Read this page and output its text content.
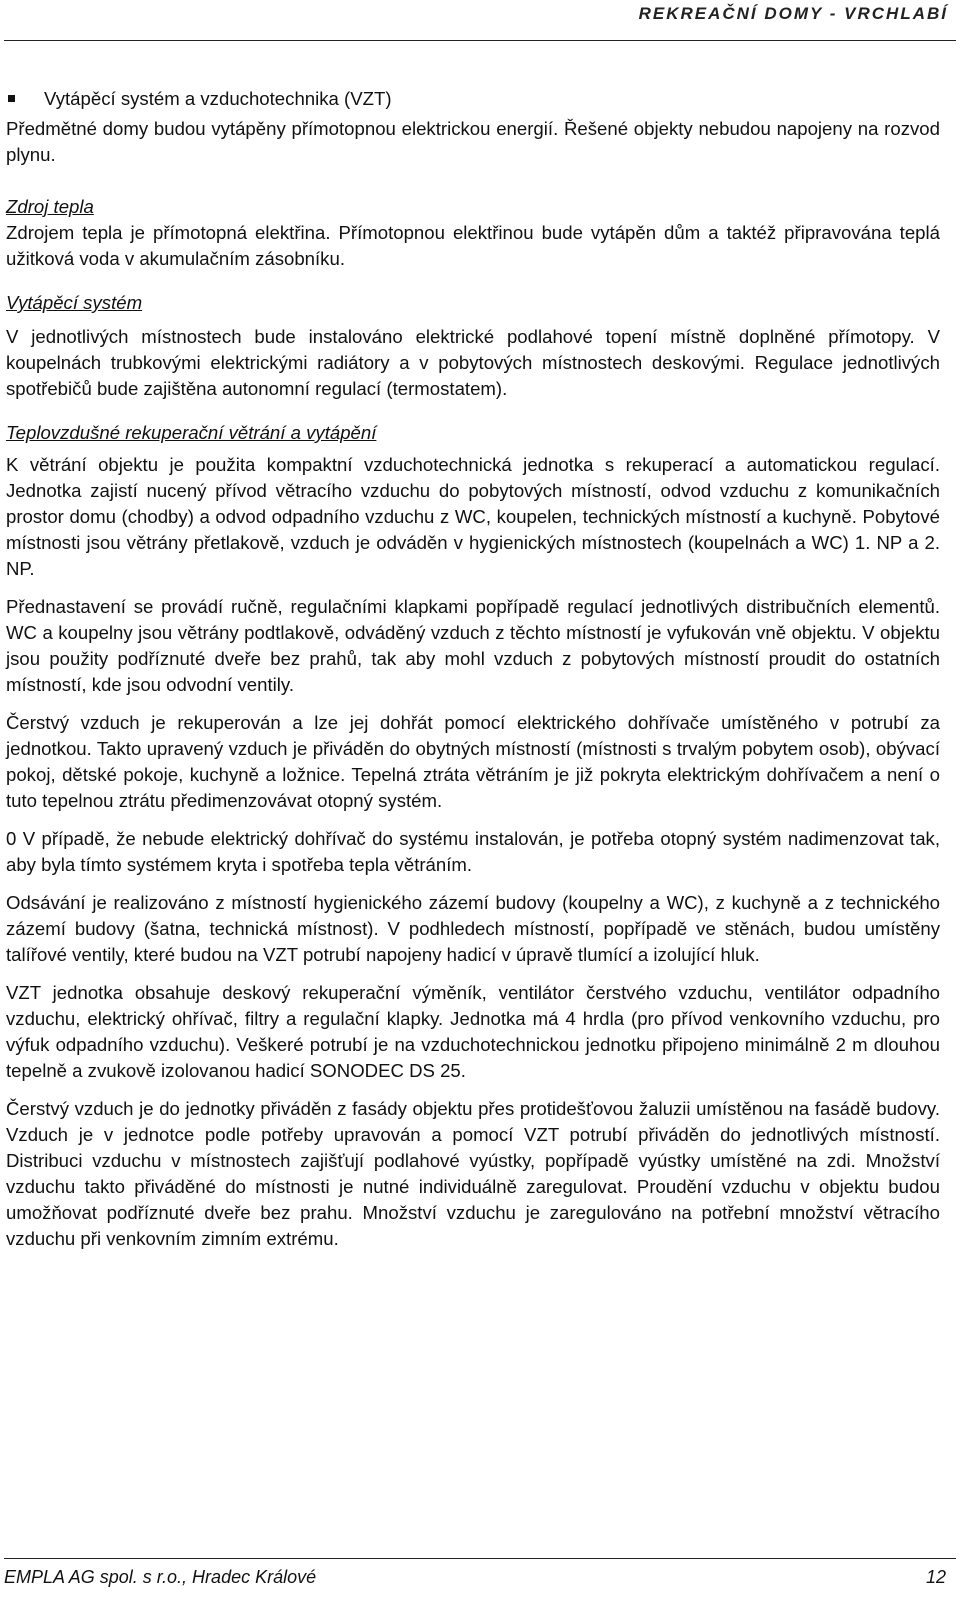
REKREAČNÍ DOMY - VRCHLABÍ
Vytápěcí systém a vzduchotechnika (VZT)

Předmětné domy budou vytápěny přímotopnou elektrickou energií. Řešené objekty nebudou napojeny na rozvod plynu.

Zdroj tepla

Zdrojem tepla je přímotopná elektřina. Přímotopnou elektřinou bude vytápěn dům a taktéž připravována teplá užitková voda v akumulačním zásobníku.

Vytápěcí systém

V jednotlivých místnostech bude instalováno elektrické podlahové topení místně doplněné přímotopy. V koupelnách trubkovými elektrickými radiátory a v pobytových místnostech deskovými. Regulace jednotlivých spotřebičů bude zajištěna autonomní regulací (termostatem).

Teplovzdušné rekuperační větrání a vytápění

K větrání objektu je použita kompaktní vzduchotechnická jednotka s rekuperací a automatickou regulací. Jednotka zajistí nucený přívod větracího vzduchu do pobytových místností, odvod vzduchu z komunikačních prostor domu (chodby) a odvod odpadního vzduchu z WC, koupelen, technických místností a kuchyně. Pobytové místnosti jsou větrány přetlakově, vzduch je odváděn v hygienických místnostech (koupelnách a WC) 1. NP a 2. NP.

Přednastavení se provádí ručně, regulačními klapkami popřípadě regulací jednotlivých distribučních elementů. WC a koupelny jsou větrány podtlakově, odváděný vzduch z těchto místností je vyfukován vně objektu. V objektu jsou použity podříznuté dveře bez prahů, tak aby mohl vzduch z pobytových místností proudit do ostatních místností, kde jsou odvodní ventily.

Čerstvý vzduch je rekuperován a lze jej dohřát pomocí elektrického dohřívače umístěného v potrubí za jednotkou. Takto upravený vzduch je přiváděn do obytných místností (místnosti s trvalým pobytem osob), obývací pokoj, dětské pokoje, kuchyně a ložnice. Tepelná ztráta větráním je již pokryta elektrickým dohřívačem a není o tuto tepelnou ztrátu předimenzovávat otopný systém.

0 V případě, že nebude elektrický dohřívač do systému instalován, je potřeba otopný systém nadimenzovat tak, aby byla tímto systémem kryta i spotřeba tepla větráním.

Odsávání je realizováno z místností hygienického zázemí budovy (koupelny a WC), z kuchyně a z technického zázemí budovy (šatna, technická místnost). V podhledech místností, popřípadě ve stěnách, budou umístěny talířové ventily, které budou na VZT potrubí napojeny hadicí v úpravě tlumící a izolující hluk.

VZT jednotka obsahuje deskový rekuperační výměník, ventilátor čerstvého vzduchu, ventilátor odpadního vzduchu, elektrický ohřívač, filtry a regulační klapky. Jednotka má 4 hrdla (pro přívod venkovního vzduchu, pro výfuk odpadního vzduchu). Veškeré potrubí je na vzduchotechnickou jednotku připojeno minimálně 2 m dlouhou tepelně a zvukově izolovanou hadicí SONODEC DS 25.

Čerstvý vzduch je do jednotky přiváděn z fasády objektu přes protidešťovou žaluzii umístěnou na fasádě budovy. Vzduch je v jednotce podle potřeby upravován a pomocí VZT potrubí přiváděn do jednotlivých místností. Distribuci vzduchu v místnostech zajišťují podlahové vyústky, popřípadě vyústky umístěné na zdi. Množství vzduchu takto přiváděné do místnosti je nutné individuálně zaregulovat. Proudění vzduchu v objektu budou umožňovat podříznuté dveře bez prahu. Množství vzduchu je zaregulováno na potřební množství větracího vzduchu při venkovním zimním extrému.

EMPLA AG spol. s r.o., Hradec Králové	12
